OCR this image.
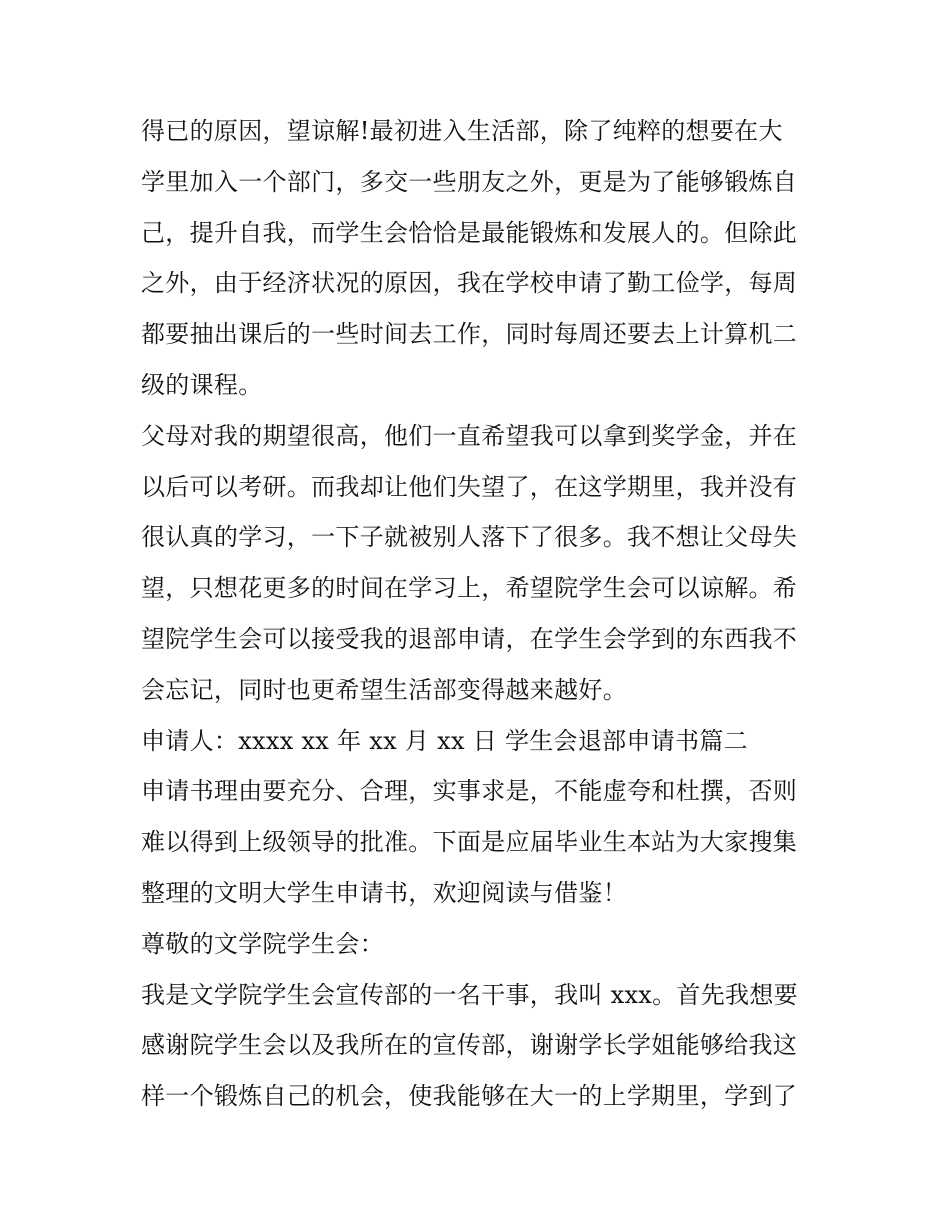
得已的原因，望谅解!最初进入生活部，除了纯粹的想要在大
学里加入一个部门，多交一些朋友之外，更是为了能够锻炼自
己，提升自我，而学生会恰恰是最能锻炼和发展人的。但除此
之外，由于经济状况的原因，我在学校申请了勤工俭学，每周
都要抽出课后的一些时间去工作，同时每周还要去上计算机二
级的课程。
父母对我的期望很高，他们一直希望我可以拿到奖学金，并在
以后可以考研。而我却让他们失望了，在这学期里，我并没有
很认真的学习，一下子就被别人落下了很多。我不想让父母失
望，只想花更多的时间在学习上，希望院学生会可以谅解。希
望院学生会可以接受我的退部申请，在学生会学到的东西我不
会忘记，同时也更希望生活部变得越来越好。
申请人：xxxx xx 年 xx 月 xx 日 学生会退部申请书篇二
申请书理由要充分、合理，实事求是，不能虚夸和杜撰，否则
难以得到上级领导的批准。下面是应届毕业生本站为大家搜集
整理的文明大学生申请书，欢迎阅读与借鉴！
尊敬的文学院学生会：
我是文学院学生会宣传部的一名干事，我叫 xxx。首先我想要
感谢院学生会以及我所在的宣传部，谢谢学长学姐能够给我这
样一个锻炼自己的机会，使我能够在大一的上学期里，学到了
